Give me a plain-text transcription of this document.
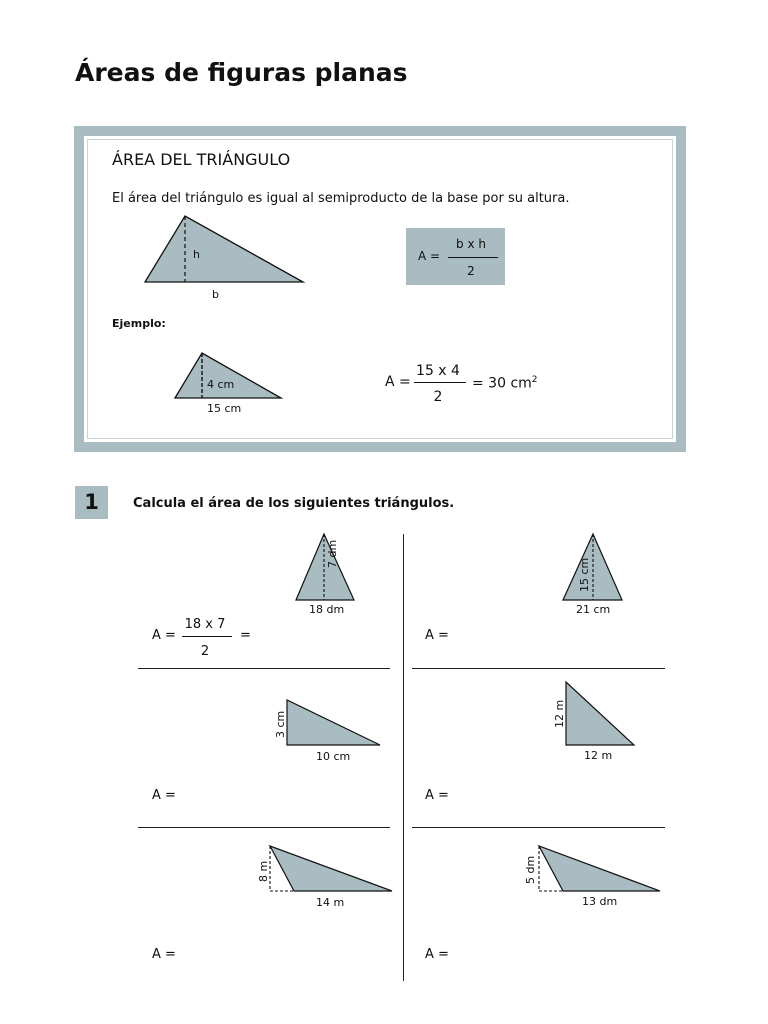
Áreas de figuras planas
ÁREA DEL TRIÁNGULO
El área del triángulo es igual al semiproducto de la base por su altura.
h
b
A =
b x h
2
Ejemplo:
4 cm
15 cm
A =
15 x 4
2
= 30 $cm^2$
1	Calcula el área de los siguientes triángulos.
18 dm
7 dm
A =
18 x 7
2
=
21 cm
15 cm
A =
10 cm
3 cm
A =
12 m
12 m
A =
14 m
8 m
A =
13 dm
5 dm
A =
